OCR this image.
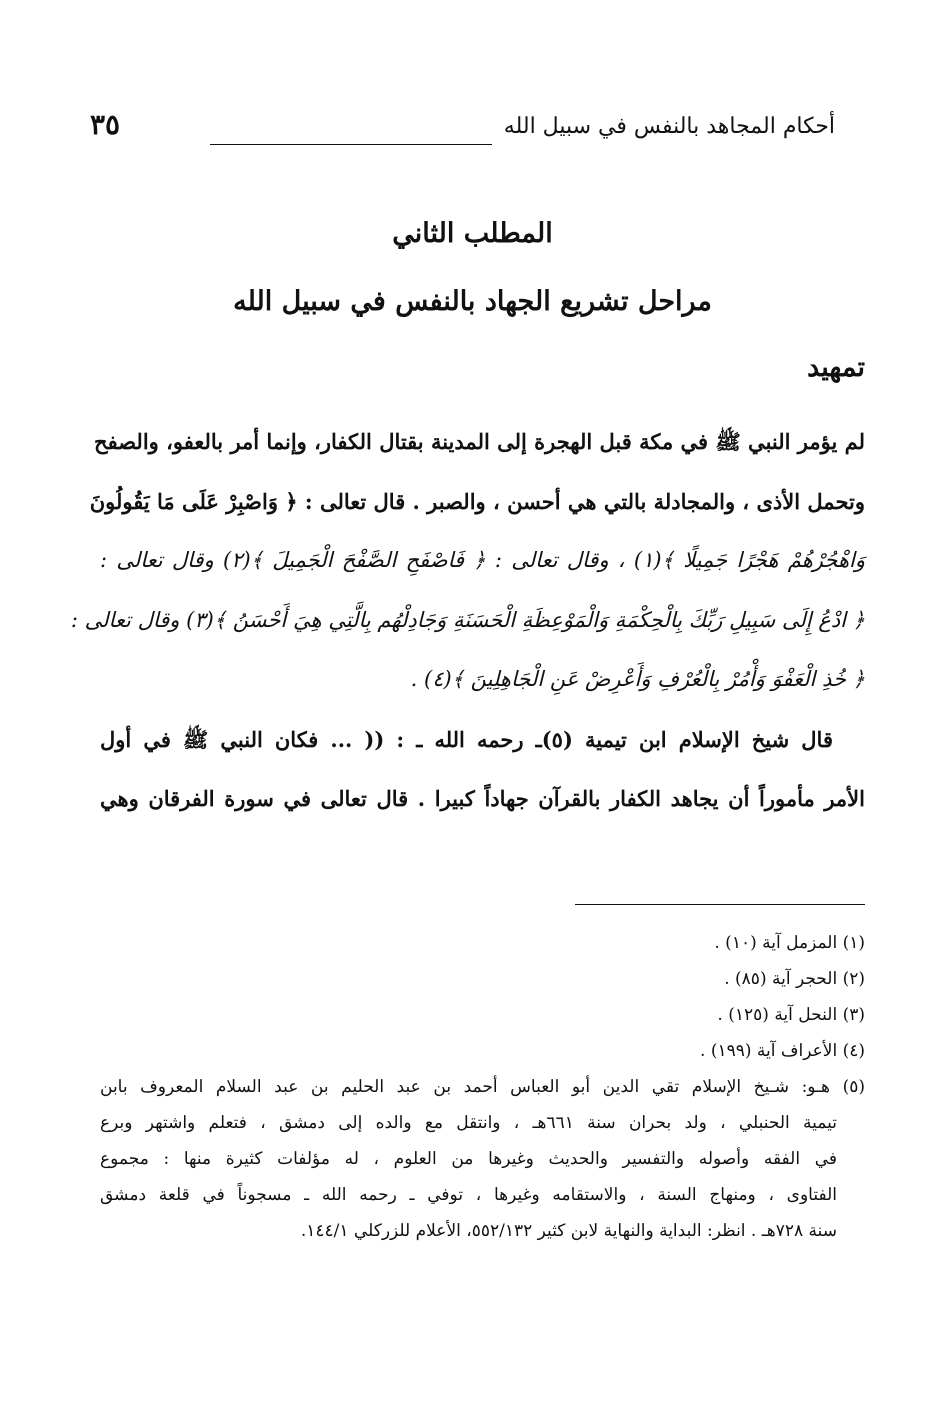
٣٥	أحكام المجاهد بالنفس في سبيل الله
المطلب الثاني
مراحل تشريع الجهاد بالنفس في سبيل الله
تمهيد
لم يؤمر النبي ﷺ في مكة قبل الهجرة إلى المدينة بقتال الكفار، وإنما أمر بالعفو، والصفح
وتحمل الأذى ، والمجادلة بالتي هي أحسن ، والصبر . قال تعالى : ﴿ وَاصْبِرْ عَلَى مَا يَقُولُونَ
وَاهْجُرْهُمْ هَجْرًا جَمِيلًا ﴾(١) ، وقال تعالى : ﴿ فَاصْفَحِ الصَّفْحَ الْجَمِيلَ ﴾(٢) وقال تعالى :
﴿ ادْعُ إِلَى سَبِيلِ رَبِّكَ بِالْحِكْمَةِ وَالْمَوْعِظَةِ الْحَسَنَةِ وَجَادِلْهُم بِالَّتِي هِيَ أَحْسَنُ ﴾(٣) وقال تعالى :
﴿ خُذِ الْعَفْوَ وَأْمُرْ بِالْعُرْفِ وَأَعْرِضْ عَنِ الْجَاهِلِينَ ﴾(٤) .
قال شيخ الإسلام ابن تيمية (٥)ـ رحمه الله ـ : (( ... فكان النبي ﷺ في أول
الأمر مأموراً أن يجاهد الكفار بالقرآن جهاداً كبيرا . قال تعالى في سورة الفرقان وهي
(١) المزمل آية (١٠) .
(٢) الحجر آية (٨٥) .
(٣) النحل آية (١٢٥) .
(٤) الأعراف آية (١٩٩) .
(٥) هـو: شـيخ الإسلام تقي الدين أبو العباس أحمد بن عبد الحليم بن عبد السلام المعروف بابن
تيمية الحنبلي ، ولد بحران سنة ٦٦١هـ ، وانتقل مع والده إلى دمشق ، فتعلم واشتهر وبرع
في الفقه وأصوله والتفسير والحديث وغيرها من العلوم ، له مؤلفات كثيرة منها : مجموع
الفتاوى ، ومنهاج السنة ، والاستقامه وغيرها ، توفي ـ رحمه الله ـ مسجوناً في قلعة دمشق
سنة ٧٢٨هـ . انظر: البداية والنهاية لابن كثير ٥٥٢/١٣٢، الأعلام للزركلي ١٤٤/١.
